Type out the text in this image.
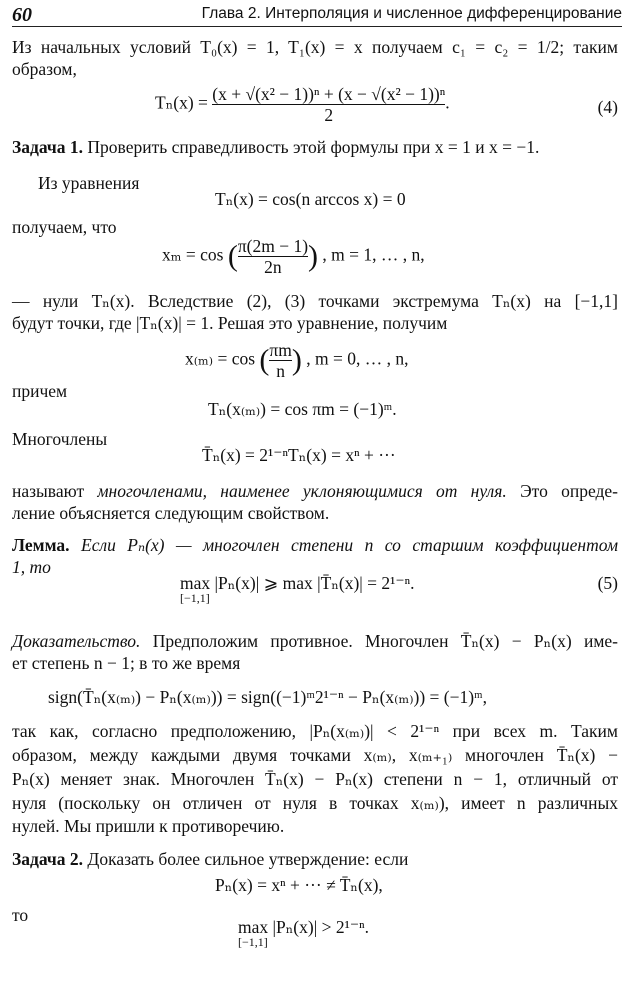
60	Глава 2. Интерполяция и численное дифференцирование
Из начальных условий T₀(x) = 1, T₁(x) = x получаем c₁ = c₂ = 1/2; таким
образом,
$T_n(x) = \frac{\text{(x + √(x² − 1))ⁿ + (x − √(x² − 1))ⁿ}}{2}$ .	(4)
Задача 1. Проверить справедливость этой формулы при x = 1 и x = −1.
Из уравнения
Tₙ(x) = cos(n arccos x) = 0
получаем, что
xₘ = cos ( $\frac{\pi(2m - 1)}{2n}$ ) , m = 1, … , n,
— нули Tₙ(x). Вследствие (2), (3) точками экстремума Tₙ(x) на [−1,1]
будут точки, где |Tₙ(x)| = 1. Решая это уравнение, получим
x₍ₘ₎ = cos ( $\frac{\pi m}{n}$ ) , m = 0, … , n,
причем
Tₙ(x₍ₘ₎) = cos πm = (−1)ᵐ.
Многочлены
T̄ₙ(x) = 2¹⁻ⁿTₙ(x) = xⁿ + ···
называют многочленами, наименее уклоняющимися от нуля. Это опреде-
ление объясняется следующим свойством.
Лемма. Если Pₙ(x) — многочлен степени n со старшим коэффициентом
1, то
max |Pₙ(x)| ⩾ max |T̄ₙ(x)| = 2¹⁻ⁿ.
[−1,1]
(5)
Доказательство. Предположим противное. Многочлен T̄ₙ(x) − Pₙ(x) име-
ет степень n − 1; в то же время
sign(T̄ₙ(x₍ₘ₎) − Pₙ(x₍ₘ₎)) = sign((−1)ᵐ2¹⁻ⁿ − Pₙ(x₍ₘ₎)) = (−1)ᵐ,
так как, согласно предположению, |Pₙ(x₍ₘ₎)| < 2¹⁻ⁿ при всех m. Таким
образом, между каждыми двумя точками x₍ₘ₎, x₍ₘ₊₁₎ многочлен T̄ₙ(x) −
Pₙ(x) меняет знак. Многочлен T̄ₙ(x) − Pₙ(x) степени n − 1, отличный от
нуля (поскольку он отличен от нуля в точках x₍ₘ₎), имеет n различных
нулей. Мы пришли к противоречию.
Задача 2. Доказать более сильное утверждение: если
Pₙ(x) = xⁿ + ··· ≠ T̄ₙ(x),
то
max |Pₙ(x)| > 2¹⁻ⁿ.
[−1,1]
